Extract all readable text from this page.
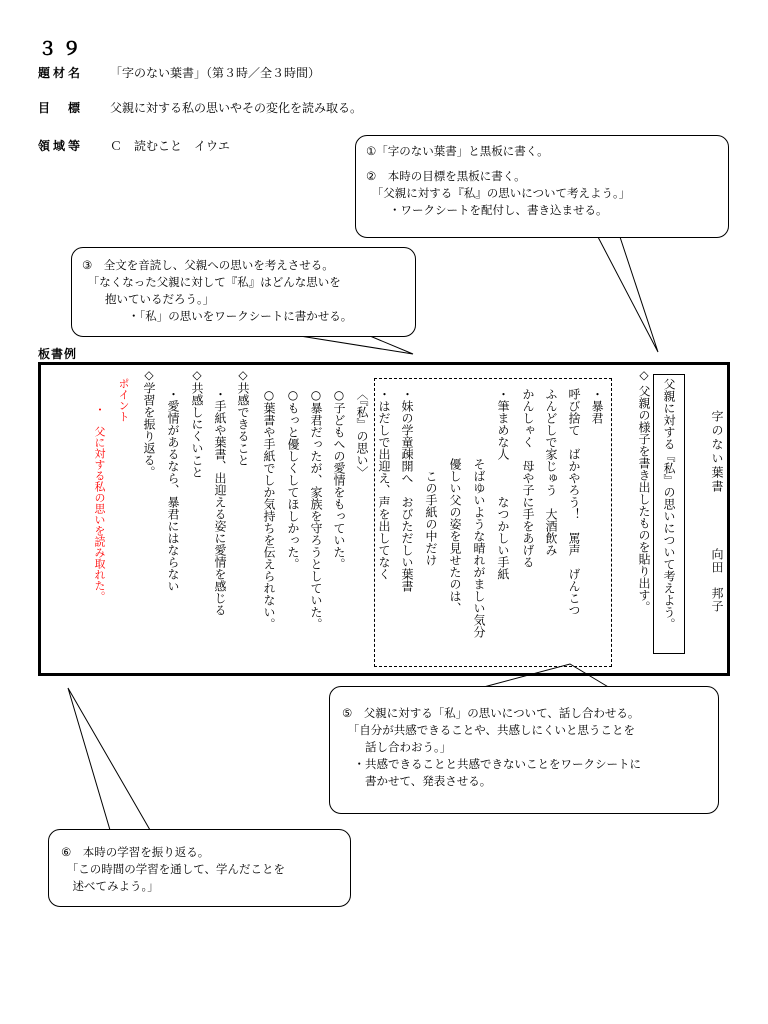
３９
題材名 「字のない葉書」（第３時／全３時間）
目　標 父親に対する私の思いやその変化を読み取る。
領域等 Ｃ　読むこと　イウエ	①「字のない葉書」と黒板に書く。
②　本時の目標を黒板に書く。
　「父親に対する『私』の思いについて考えよう。」
　　・ワークシートを配付し、書き込ませる。
③　全文を音読し、父親への思いを考えさせる。
　「なくなった父親に対して『私』はどんな思いを
　　抱いているだろう。」
　　　　・「私」の思いをワークシートに書かせる。
板書例
字のない葉書
向田　邦子
父親に対する『私』の思いについて考えよう。
◇
父親の様子を書き出したものを貼り出す。
・暴君
呼び捨て　ばかやろう！　罵声　げんこつ
ふんどしで家じゅう　大酒飲み
かんしゃく　母や子に手をあげる
・筆まめな人　　　なつかしい手紙
そばゆいような晴れがましい気分
優しい父の姿を見せたのは、
この手紙の中だけ
・妹の学童疎開へ　おびただしい葉書
・はだしで出迎え、声を出してなく
〈『私』の思い〉
○子どもへの愛情をもっていた。
○暴君だったが、家族を守ろうとしていた。
○もっと優しくしてほしかった。
○葉書や手紙でしか気持ちを伝えられない。
◇共感できること
・手紙や葉書、出迎える姿に愛情を感じる
◇共感しにくいこと
・愛情があるなら、暴君にはならない
◇学習を振り返る。
ポイント
・　父に対する私の思いを読み取れた。
⑤　父親に対する「私」の思いについて、話し合わせる。
　「自分が共感できることや、共感しにくいと思うことを
　　話し合わおう。」
　・共感できることと共感できないことをワークシートに
　　書かせて、発表させる。
⑥　本時の学習を振り返る。
　「この時間の学習を通して、学んだことを
　述べてみよう。」
